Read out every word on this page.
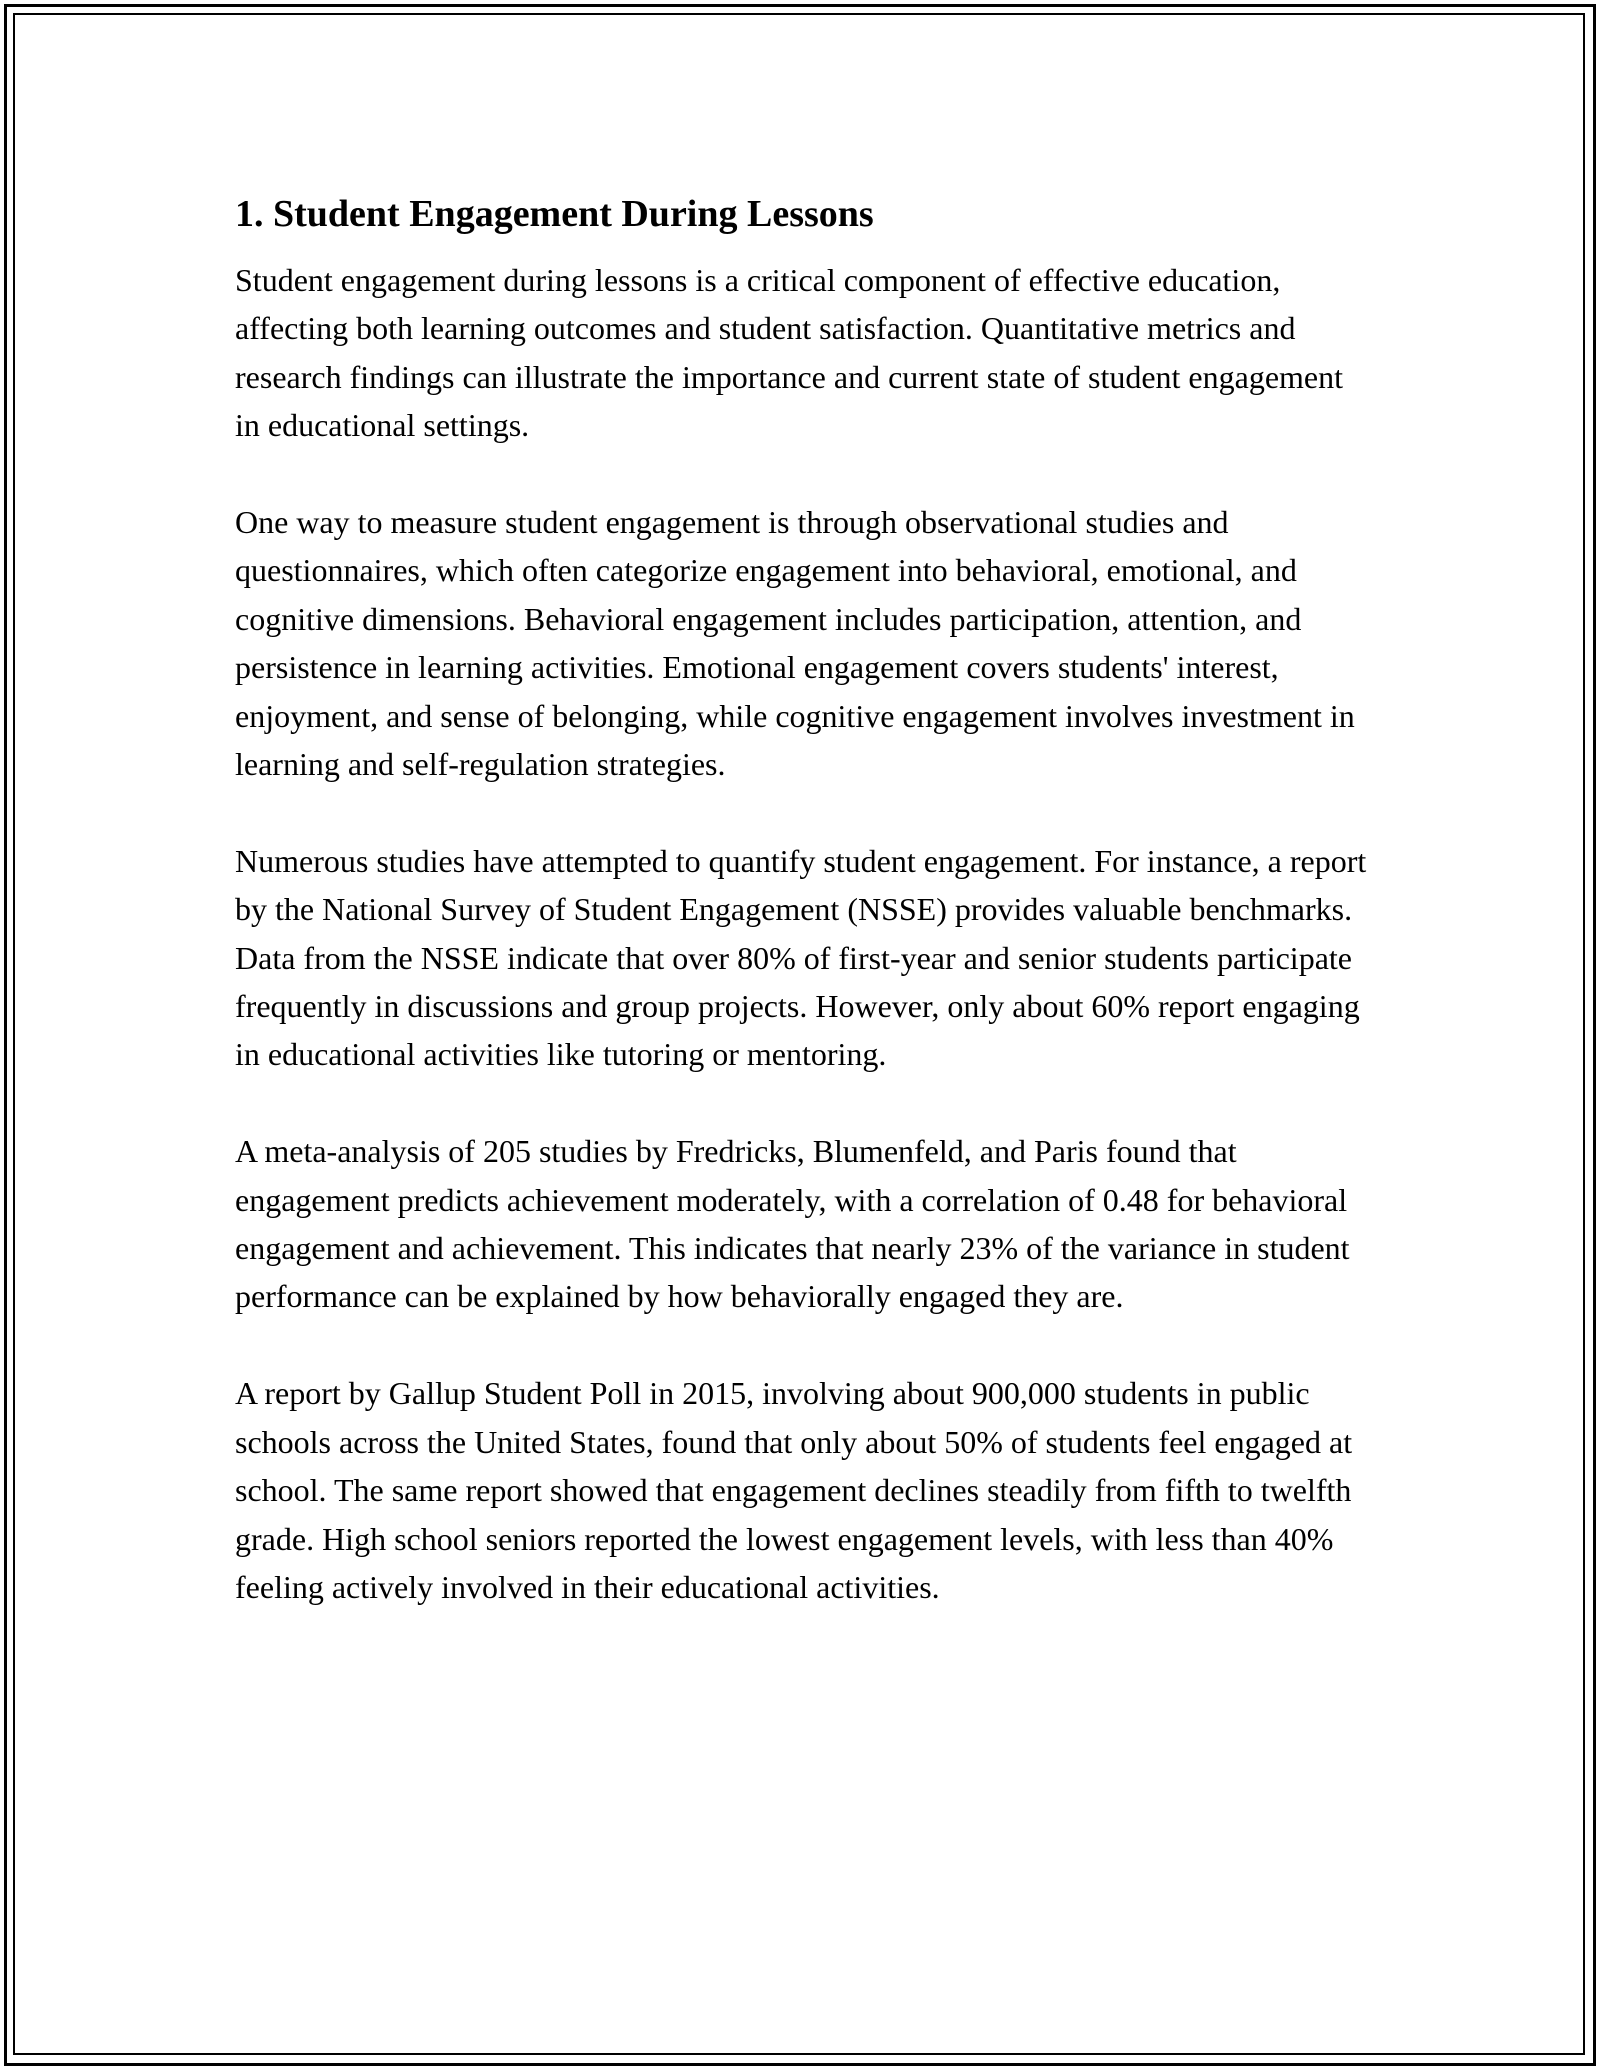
1. Student Engagement During Lessons

Student engagement during lessons is a critical component of effective education, affecting both learning outcomes and student satisfaction. Quantitative metrics and research findings can illustrate the importance and current state of student engagement in educational settings.

One way to measure student engagement is through observational studies and questionnaires, which often categorize engagement into behavioral, emotional, and cognitive dimensions. Behavioral engagement includes participation, attention, and persistence in learning activities. Emotional engagement covers students' interest, enjoyment, and sense of belonging, while cognitive engagement involves investment in learning and self-regulation strategies.

Numerous studies have attempted to quantify student engagement. For instance, a report by the National Survey of Student Engagement (NSSE) provides valuable benchmarks. Data from the NSSE indicate that over 80% of first-year and senior students participate frequently in discussions and group projects. However, only about 60% report engaging in educational activities like tutoring or mentoring.

A meta-analysis of 205 studies by Fredricks, Blumenfeld, and Paris found that engagement predicts achievement moderately, with a correlation of 0.48 for behavioral engagement and achievement. This indicates that nearly 23% of the variance in student performance can be explained by how behaviorally engaged they are.

A report by Gallup Student Poll in 2015, involving about 900,000 students in public schools across the United States, found that only about 50% of students feel engaged at school. The same report showed that engagement declines steadily from fifth to twelfth grade. High school seniors reported the lowest engagement levels, with less than 40% feeling actively involved in their educational activities.
